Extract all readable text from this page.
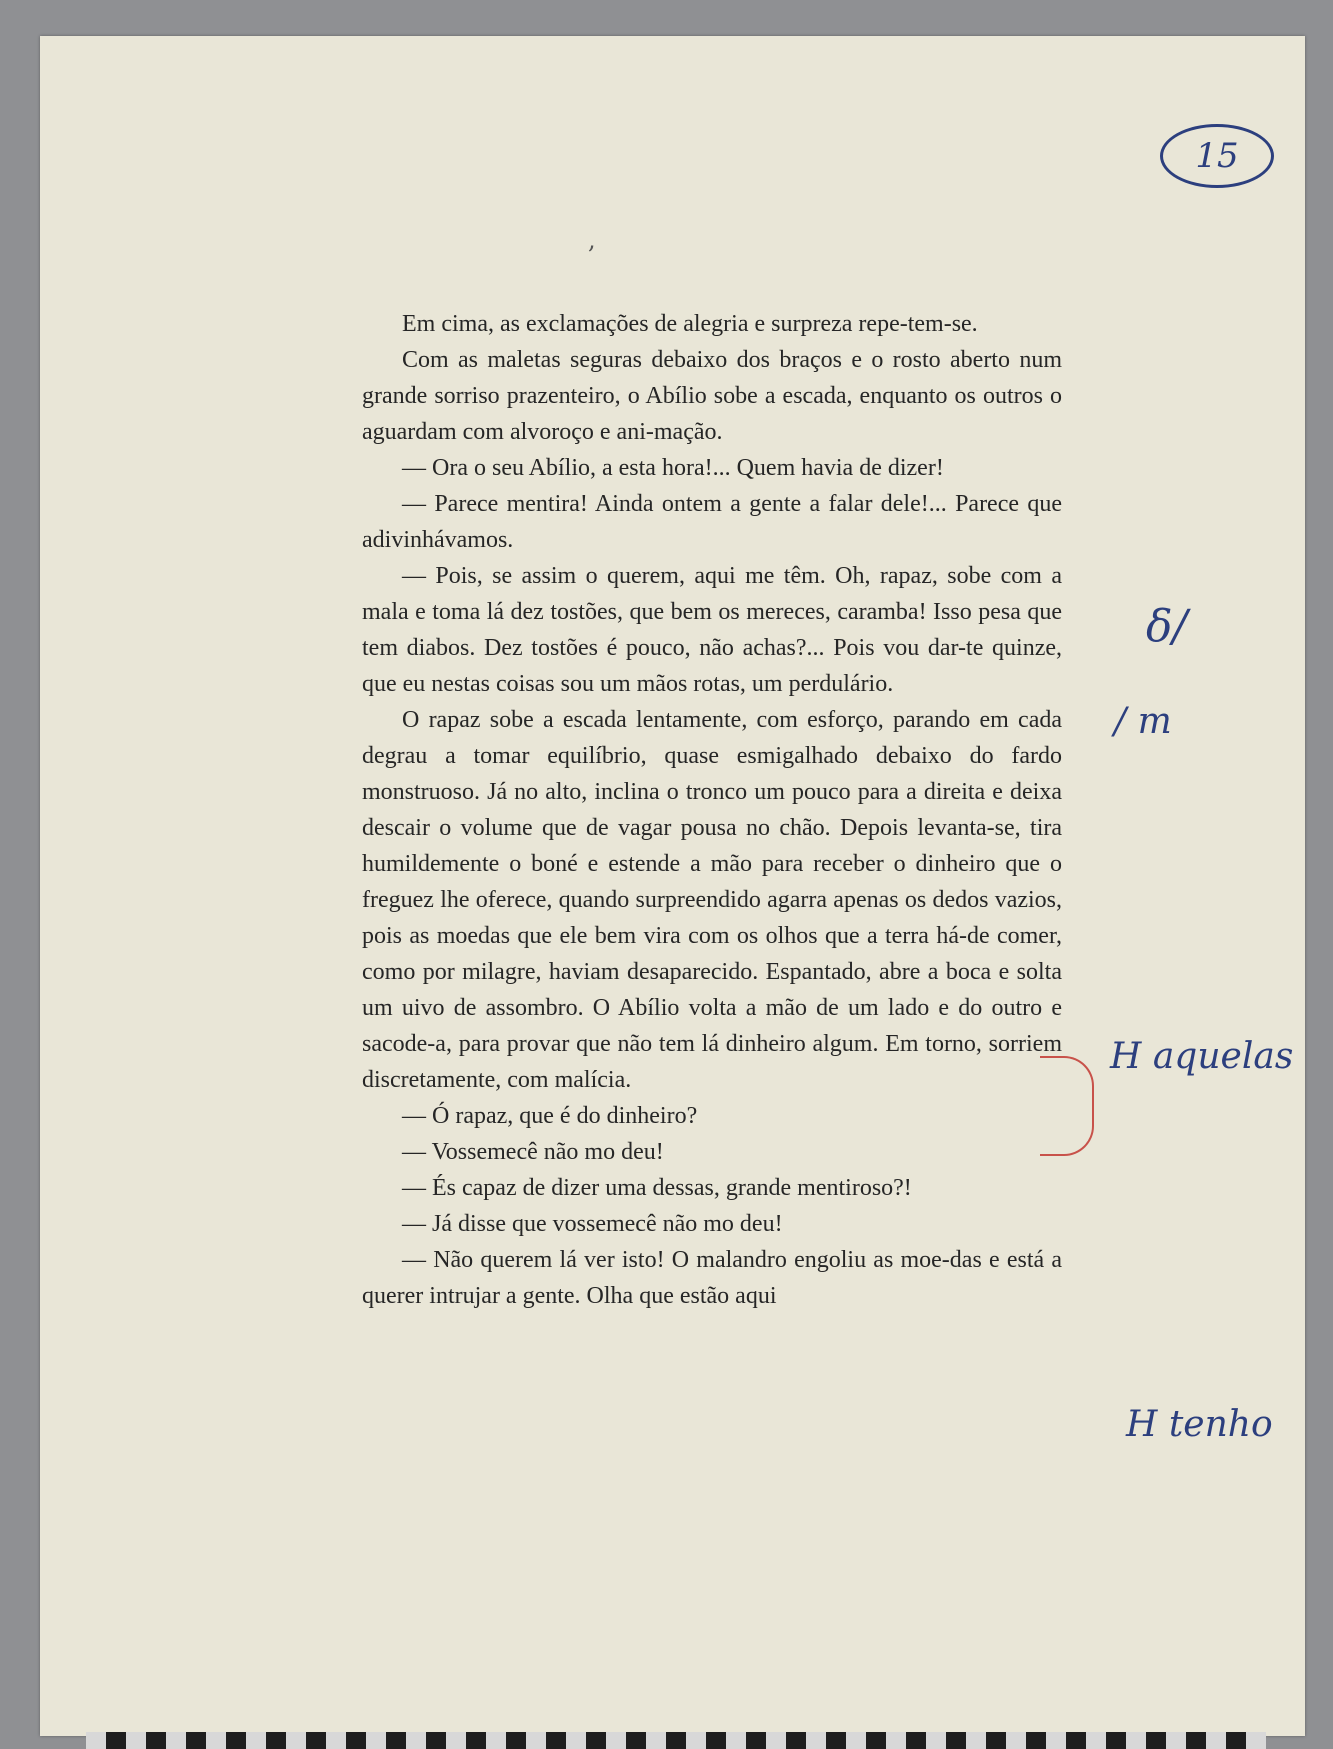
15
,

Em cima, as exclamações de alegria e surpreza repe-tem-se.

Com as maletas seguras debaixo dos braços e o rosto aberto num grande sorriso prazenteiro, o Abílio sobe a escada, enquanto os outros o aguardam com alvoroço e ani-mação.

— Ora o seu Abílio, a esta hora!... Quem havia de dizer!

— Parece mentira! Ainda ontem a gente a falar dele!... Parece que adivinhávamos.

— Pois, se assim o querem, aqui me têm. Oh, rapaz, sobe com a mala e toma lá dez tostões, que bem os mereces, caramba! Isso pesa que tem diabos. Dez tostões é pouco, não achas?... Pois vou dar-te quinze, que eu nestas coisas sou um mãos rotas, um perdulário.

O rapaz sobe a escada lentamente, com esforço, parando em cada degrau a tomar equilíbrio, quase esmigalhado debaixo do fardo monstruoso. Já no alto, inclina o tronco um pouco para a direita e deixa descair o volume que de vagar pousa no chão. Depois levanta-se, tira humildemente o boné e estende a mão para receber o dinheiro que o freguez lhe oferece, quando surpreendido agarra apenas os dedos vazios, pois as moedas que ele bem vira com os olhos que a terra há-de comer, como por milagre, haviam desaparecido. Espantado, abre a boca e solta um uivo de assombro. O Abílio volta a mão de um lado e do outro e sacode-a, para provar que não tem lá dinheiro algum. Em torno, sorriem discretamente, com malícia.

— Ó rapaz, que é do dinheiro?

— Vossemecê não mo deu!

— És capaz de dizer uma dessas, grande mentiroso?!

— Já disse que vossemecê não mo deu!

— Não querem lá ver isto! O malandro engoliu as moe-das e está a querer intrujar a gente. Olha que estão aqui

δ/
/ m
H aquelas
H tenho
